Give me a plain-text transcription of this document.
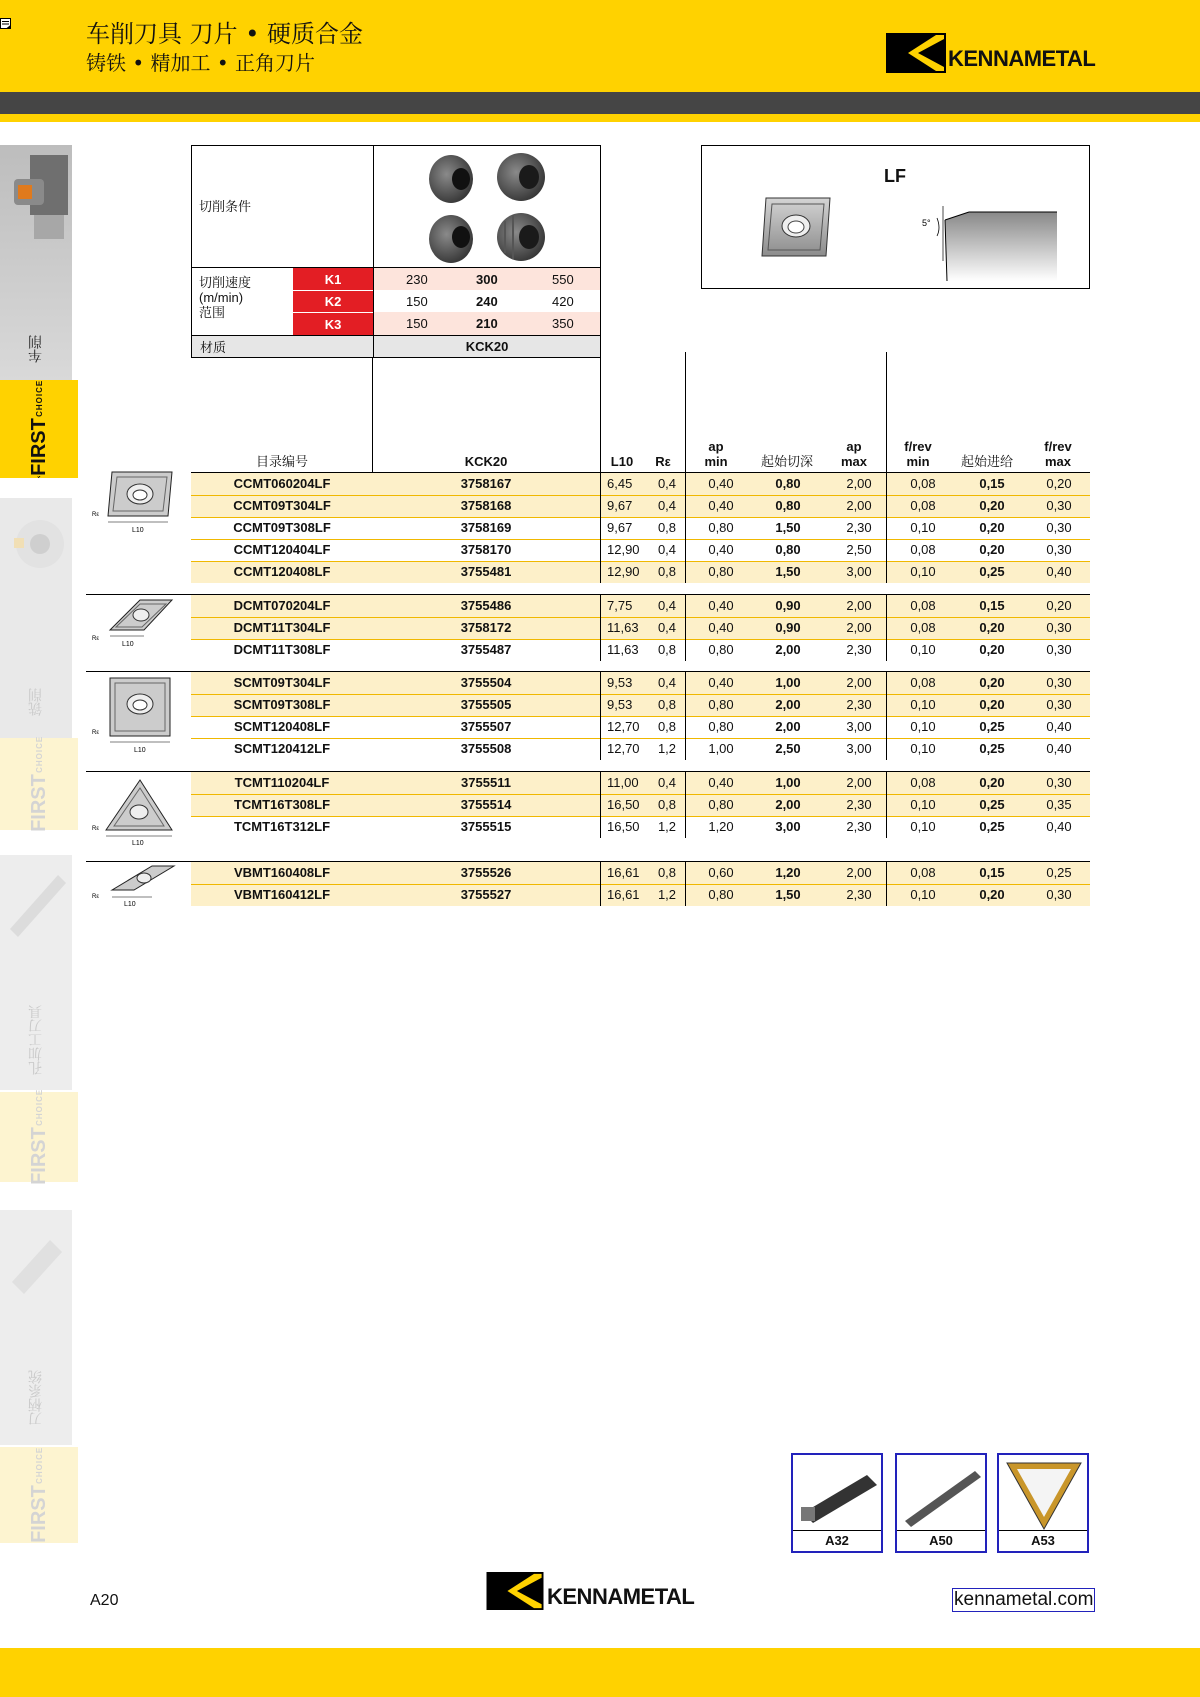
车削刀具 刀片 • 硬质合金
铸铁 • 精加工 • 正角刀片	KENNAMETAL
车削
FIRST
CHOICE
铣削
FIRST
CHOICE
孔加工刀具
FIRST
CHOICE
刀柄系统
FIRST
CHOICE
切削条件
切削速度
(m/min)
范围
K1	230	300	550
K2	150	240	420
K3	150	210	350
材质	KCK20
LF
5°
目录编号	KCK20	L10	Rε
ap
min	起始切深
ap
max
f/rev
min	起始进给
f/rev
max
CCMT060204LF	3758167	6,45	0,4	0,40	0,80	2,00	0,08	0,15	0,20
CCMT09T304LF	3758168	9,67	0,4	0,40	0,80	2,00	0,08	0,20	0,30
CCMT09T308LF	3758169	9,67	0,8	0,80	1,50	2,30	0,10	0,20	0,30
CCMT120404LF	3758170	12,90	0,4	0,40	0,80	2,50	0,08	0,20	0,30
CCMT120408LF	3755481	12,90	0,8	0,80	1,50	3,00	0,10	0,25	0,40
DCMT070204LF	3755486	7,75	0,4	0,40	0,90	2,00	0,08	0,15	0,20
DCMT11T304LF	3758172	11,63	0,4	0,40	0,90	2,00	0,08	0,20	0,30
DCMT11T308LF	3755487	11,63	0,8	0,80	2,00	2,30	0,10	0,20	0,30
SCMT09T304LF	3755504	9,53	0,4	0,40	1,00	2,00	0,08	0,20	0,30
SCMT09T308LF	3755505	9,53	0,8	0,80	2,00	2,30	0,10	0,20	0,30
SCMT120408LF	3755507	12,70	0,8	0,80	2,00	3,00	0,10	0,25	0,40
SCMT120412LF	3755508	12,70	1,2	1,00	2,50	3,00	0,10	0,25	0,40
TCMT110204LF	3755511	11,00	0,4	0,40	1,00	2,00	0,08	0,20	0,30
TCMT16T308LF	3755514	16,50	0,8	0,80	2,00	2,30	0,10	0,25	0,35
TCMT16T312LF	3755515	16,50	1,2	1,20	3,00	2,30	0,10	0,25	0,40
VBMT160408LF	3755526	16,61	0,8	0,60	1,20	2,00	0,08	0,15	0,25
VBMT160412LF	3755527	16,61	1,2	0,80	1,50	2,30	0,10	0,20	0,30
L10
Rε
L10
Rε
L10
Rε
L10
Rε
L10
Rε
A32	A50	A53
A20	KENNAMETAL	kennametal.com
